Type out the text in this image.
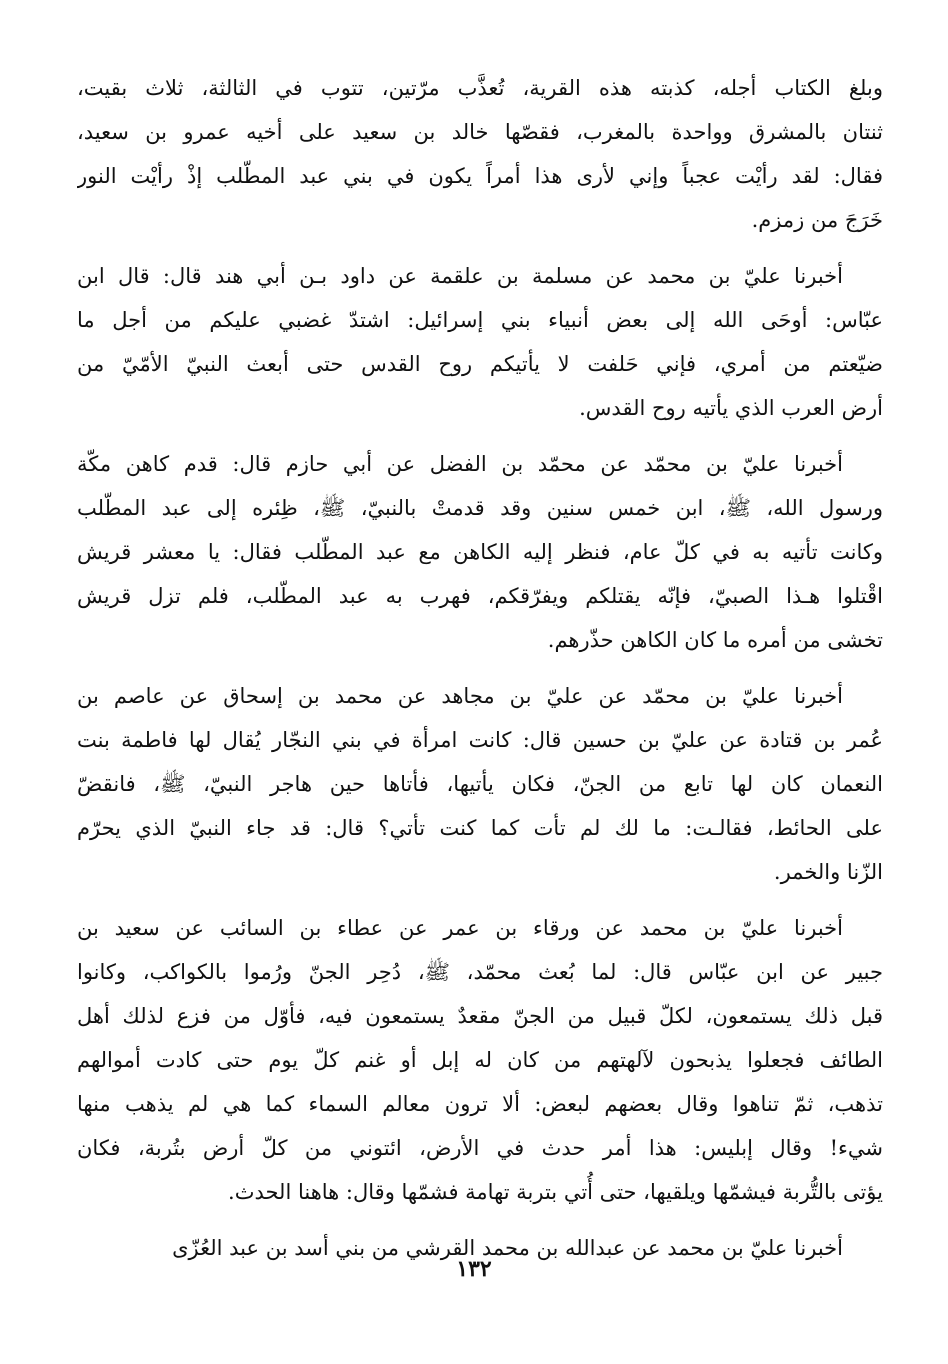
وبلغ الكتاب أجله، كذبته هذه القرية، تُعذَّب مرّتين، تتوب في الثالثة، ثلاث بقيت،
ثنتان بالمشرق وواحدة بالمغرب، فقصّها خالد بن سعيد على أخيه عمرو بن سعيد،
فقال: لقد رأيْت عجباً وإني لأرى هذا أمراً يكون في بني عبد المطّلب إذْ رأيْت النور
خَرَجَ من زمزم.
أخبرنا عليّ بن محمد عن مسلمة بن علقمة عن داود بـن أبي هند قال: قال ابن
عبّاس: أوحَى الله إلى بعض أنبياء بني إسرائيل: اشتدّ غضبي عليكم من أجل ما
ضيّعتم من أمري، فإني حَلفت لا يأتيكم روح القدس حتى أبعث النبيّ الأمّيّ من
أرض العرب الذي يأتيه روح القدس.
أخبرنا عليّ بن محمّد عن محمّد بن الفضل عن أبي حازم قال: قدم كاهن مكّة
ورسول الله، ﷺ، ابن خمس سنين وقد قدمتْ بالنبيّ، ﷺ، ظِئره إلى عبد المطّلب
وكانت تأتيه به في كلّ عام، فنظر إليه الكاهن مع عبد المطّلب فقال: يا معشر قريش
اقْتلوا هـذا الصبيّ، فإنّه يقتلكم ويفرّقكم، فهرب به عبد المطّلب، فلم تزل قريش
تخشى من أمره ما كان الكاهن حذّرهم.
أخبرنا عليّ بن محمّد عن عليّ بن مجاهد عن محمد بن إسحاق عن عاصم بن
عُمر بن قتادة عن عليّ بن حسين قال: كانت امرأة في بني النجّار يُقال لها فاطمة بنت
النعمان كان لها تابع من الجنّ، فكان يأتيها، فأتاها حين هاجر النبيّ، ﷺ، فانقضّ
على الحائط، فقالـت: ما لك لم تأت كما كنت تأتي؟ قال: قد جاء النبيّ الذي يحرّم
الزّنا والخمر.
أخبرنا عليّ بن محمد عن ورقاء بن عمر عن عطاء بن السائب عن سعيد بن
جبير عن ابن عبّاس قال: لما بُعث محمّد، ﷺ، دُحِر الجنّ ورُموا بالكواكب، وكانوا
قبل ذلك يستمعون، لكلّ قبيل من الجنّ مقعدٌ يستمعون فيه، فأوّل من فزع لذلك أهل
الطائف فجعلوا يذبحون لآلهتهم من كان له إبل أو غنم كلّ يوم حتى كادت أموالهم
تذهب، ثمّ تناهوا وقال بعضهم لبعض: ألا ترون معالم السماء كما هي لم يذهب منها
شيء! وقال إبليس: هذا أمر حدث في الأرض، ائتوني من كلّ أرض بتُربة، فكان
يؤتى بالتُّربة فيشمّها ويلقيها، حتى أُتي بتربة تهامة فشمّها وقال: هاهنا الحدث.
أخبرنا عليّ بن محمد عن عبدالله بن محمد القرشي من بني أسد بن عبد العُزّى
١٣٢
